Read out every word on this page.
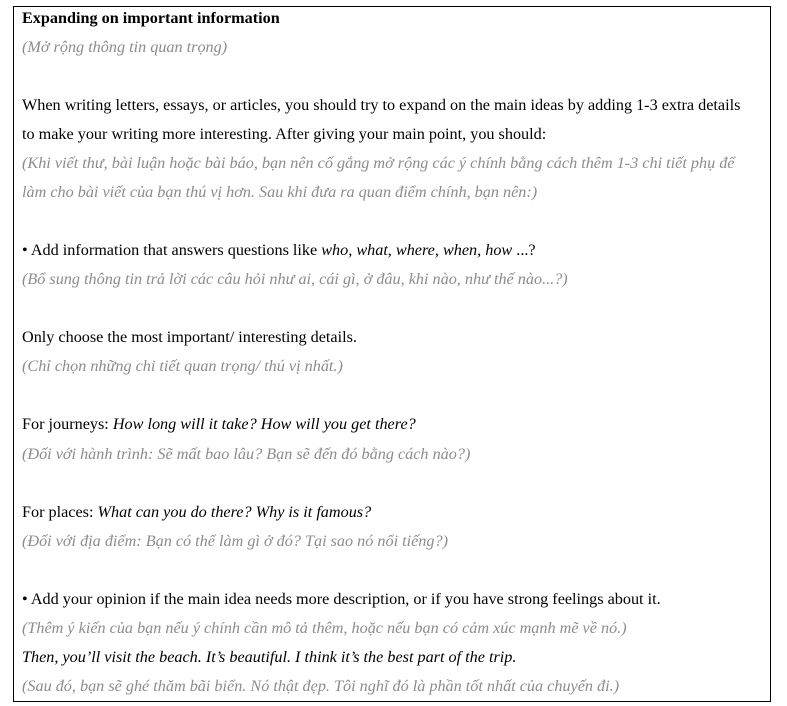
Expanding on important information
(Mở rộng thông tin quan trọng)
When writing letters, essays, or articles, you should try to expand on the main ideas by adding 1-3 extra details
to make your writing more interesting. After giving your main point, you should:
(Khi viết thư, bài luận hoặc bài báo, bạn nên cố gắng mở rộng các ý chính bằng cách thêm 1-3 chi tiết phụ để
làm cho bài viết của bạn thú vị hơn. Sau khi đưa ra quan điểm chính, bạn nên:)
• Add information that answers questions like who, what, where, when, how ...?
(Bổ sung thông tin trả lời các câu hỏi như ai, cái gì, ở đâu, khi nào, như thế nào...?)
Only choose the most important/ interesting details.
(Chỉ chọn những chi tiết quan trọng/ thú vị nhất.)
For journeys: How long will it take? How will you get there?
(Đối với hành trình: Sẽ mất bao lâu? Bạn sẽ đến đó bằng cách nào?)
For places: What can you do there? Why is it famous?
(Đối với địa điểm: Bạn có thể làm gì ở đó? Tại sao nó nổi tiếng?)
• Add your opinion if the main idea needs more description, or if you have strong feelings about it.
(Thêm ý kiến của bạn nếu ý chính cần mô tả thêm, hoặc nếu bạn có cảm xúc mạnh mẽ về nó.)
Then, you’ll visit the beach. It’s beautiful. I think it’s the best part of the trip.
(Sau đó, bạn sẽ ghé thăm bãi biển. Nó thật đẹp. Tôi nghĩ đó là phần tốt nhất của chuyến đi.)
